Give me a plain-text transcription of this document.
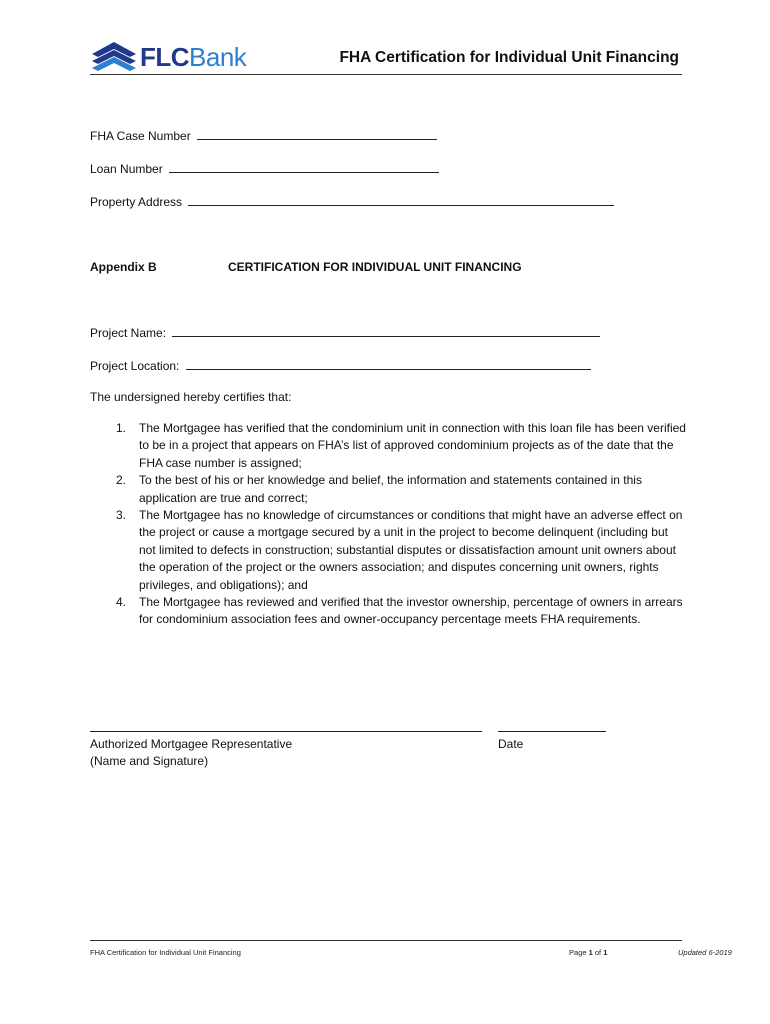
FLCBank	FHA Certification for Individual Unit Financing
FHA Case Number
Loan Number
Property Address
Appendix B	CERTIFICATION FOR INDIVIDUAL UNIT FINANCING
Project Name:
Project Location:
The undersigned hereby certifies that:
1. The Mortgagee has verified that the condominium unit in connection with this loan file has been verified to be in a project that appears on FHA’s list of approved condominium projects as of the date that the FHA case number is assigned;
2. To the best of his or her knowledge and belief, the information and statements contained in this application are true and correct;
3. The Mortgagee has no knowledge of circumstances or conditions that might have an adverse effect on the project or cause a mortgage secured by a unit in the project to become delinquent (including but not limited to defects in construction; substantial disputes or dissatisfaction amount unit owners about the operation of the project or the owners association; and disputes concerning unit owners, rights privileges, and obligations); and
4. The Mortgagee has reviewed and verified that the investor ownership, percentage of owners in arrears for condominium association fees and owner-occupancy percentage meets FHA requirements.
Authorized Mortgagee Representative
(Name and Signature)
Date
FHA Certification for Individual Unit Financing	Page 1 of 1	Updated 6-2019
